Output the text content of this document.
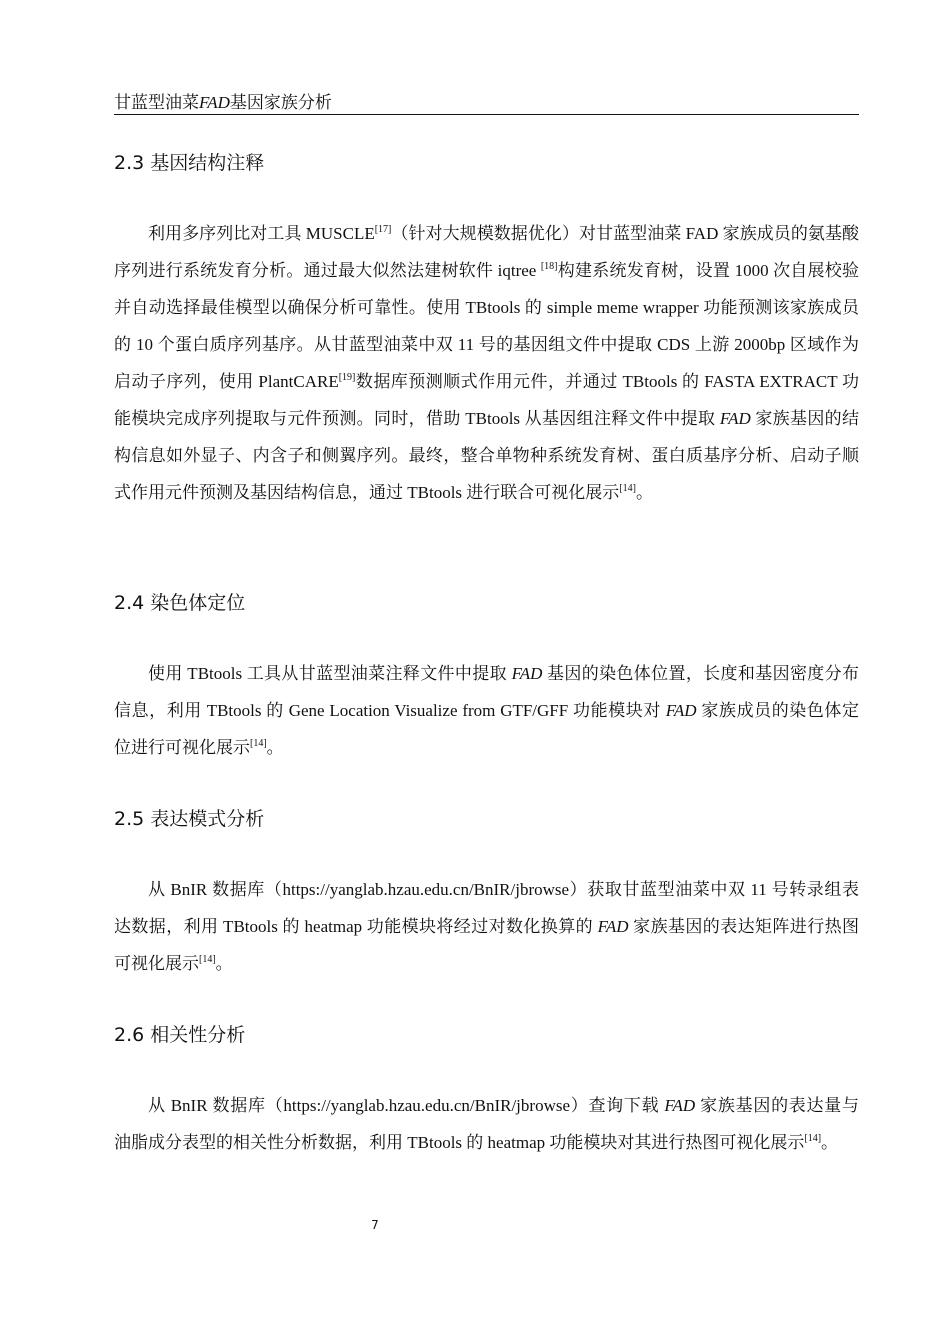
甘蓝型油菜FAD基因家族分析
2.3 基因结构注释

利用多序列比对工具 MUSCLE[17]（针对大规模数据优化）对甘蓝型油菜 FAD 家族成员的氨基酸序列进行系统发育分析。通过最大似然法建树软件 iqtree [18]构建系统发育树，设置 1000 次自展校验并自动选择最佳模型以确保分析可靠性。使用 TBtools 的 simple meme wrapper 功能预测该家族成员的 10 个蛋白质序列基序。从甘蓝型油菜中双 11 号的基因组文件中提取 CDS 上游 2000bp 区域作为启动子序列，使用 PlantCARE[19]数据库预测顺式作用元件，并通过 TBtools 的 FASTA EXTRACT 功能模块完成序列提取与元件预测。同时，借助 TBtools 从基因组注释文件中提取 FAD 家族基因的结构信息如外显子、内含子和侧翼序列。最终，整合单物种系统发育树、蛋白质基序分析、启动子顺式作用元件预测及基因结构信息，通过 TBtools 进行联合可视化展示[14]。

2.4 染色体定位

使用 TBtools 工具从甘蓝型油菜注释文件中提取 FAD 基因的染色体位置，长度和基因密度分布信息，利用 TBtools 的 Gene Location Visualize from GTF/GFF 功能模块对 FAD 家族成员的染色体定位进行可视化展示[14]。

2.5 表达模式分析

从 BnIR 数据库（https://yanglab.hzau.edu.cn/BnIR/jbrowse）获取甘蓝型油菜中双 11 号转录组表达数据，利用 TBtools 的 heatmap 功能模块将经过对数化换算的 FAD 家族基因的表达矩阵进行热图可视化展示[14]。

2.6 相关性分析

从 BnIR 数据库（https://yanglab.hzau.edu.cn/BnIR/jbrowse）查询下载 FAD 家族基因的表达量与油脂成分表型的相关性分析数据，利用 TBtools 的 heatmap 功能模块对其进行热图可视化展示[14]。

7
